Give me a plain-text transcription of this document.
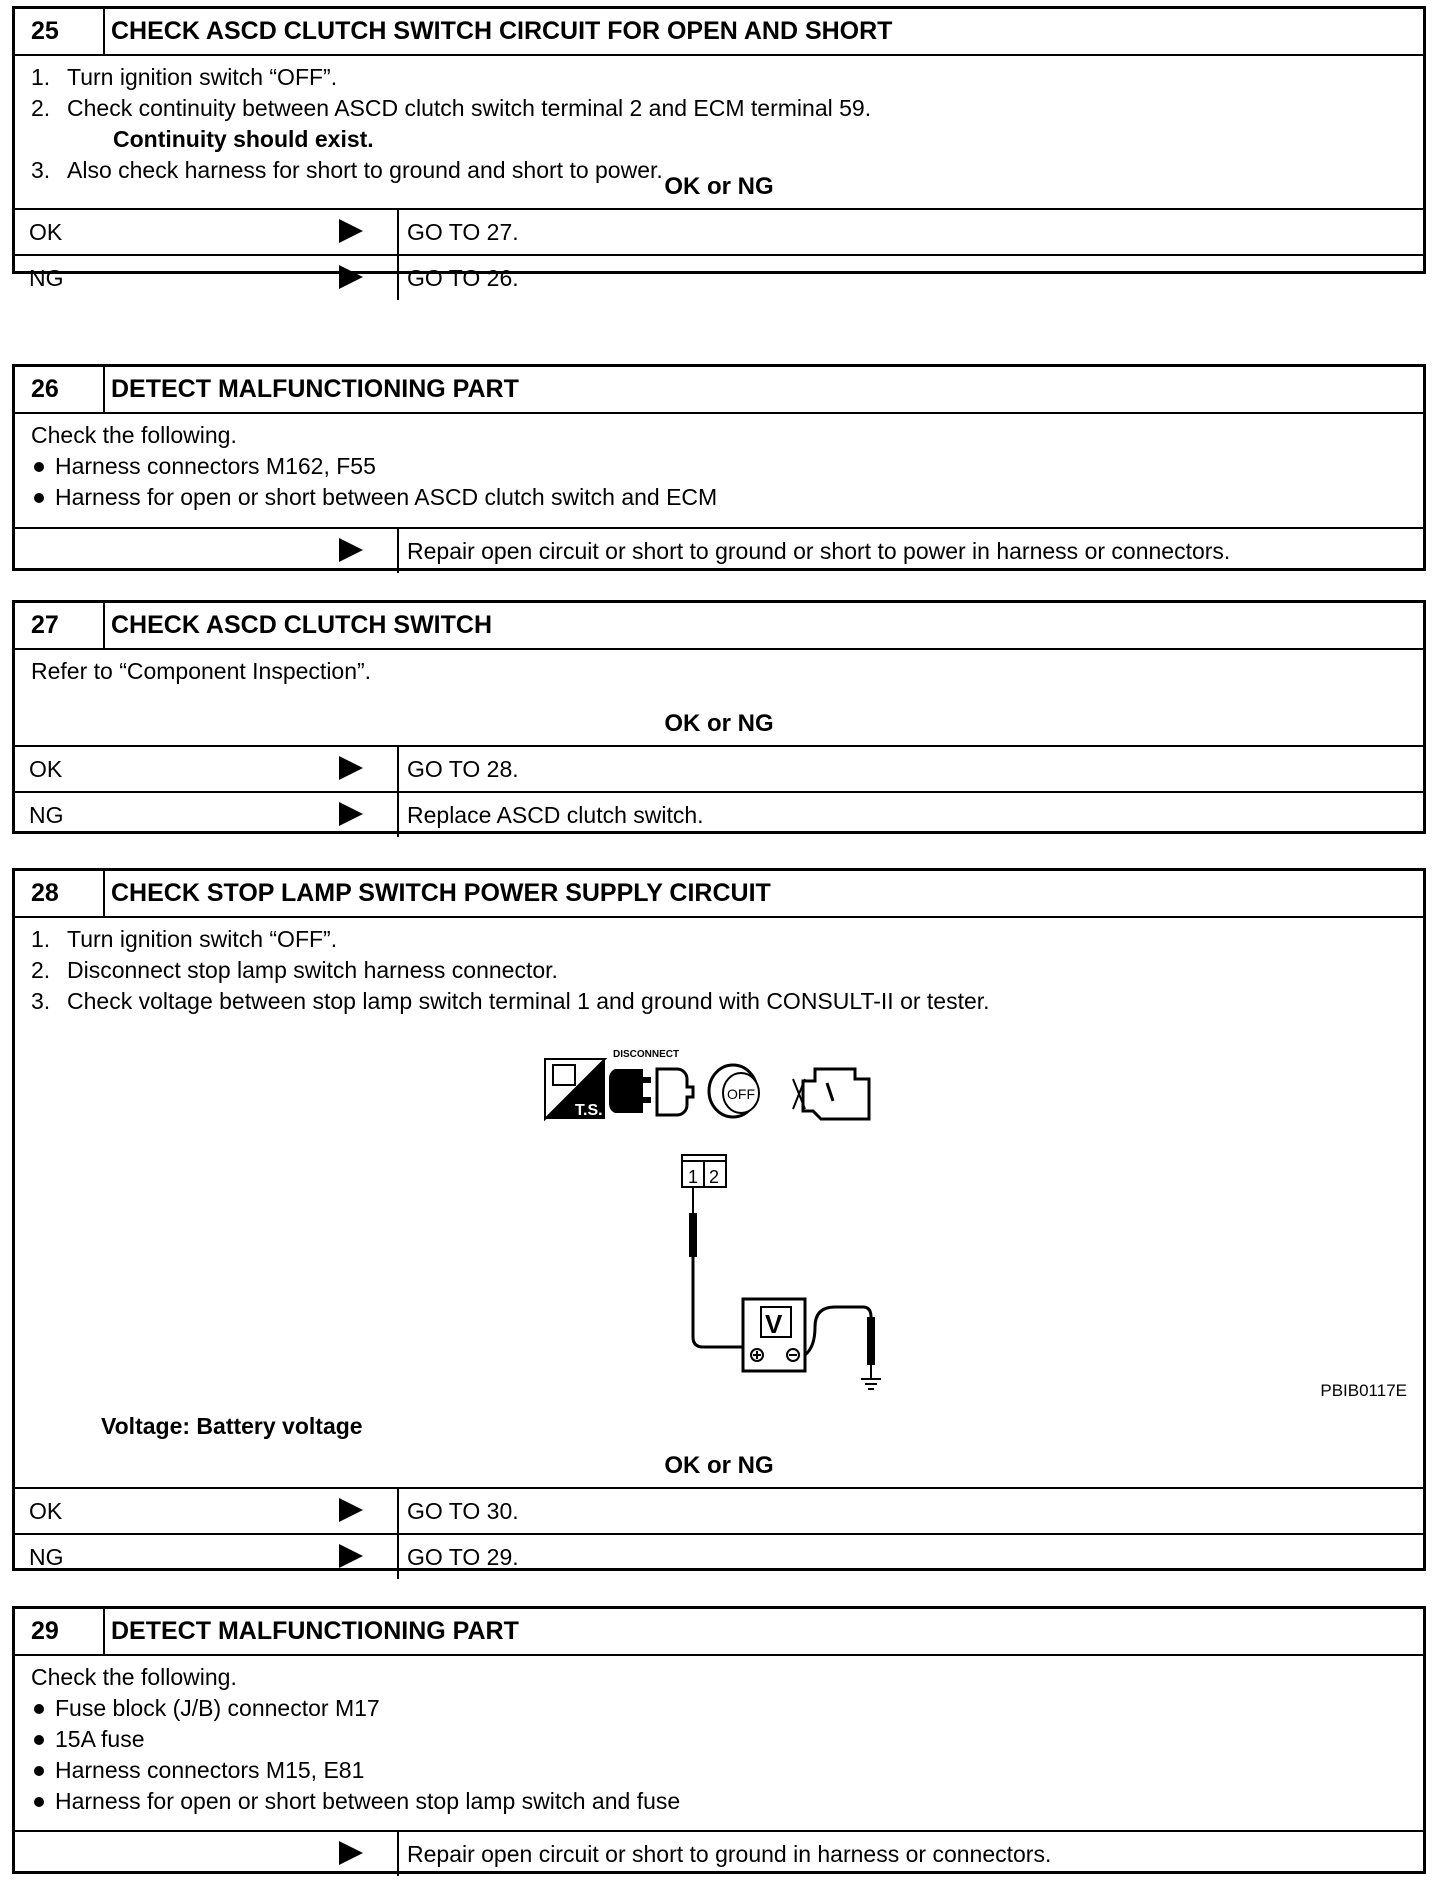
25	CHECK ASCD CLUTCH SWITCH CIRCUIT FOR OPEN AND SHORT
1. Turn ignition switch “OFF”.
2. Check continuity between ASCD clutch switch terminal 2 and ECM terminal 59.

Continuity should exist.

3. Also check harness for short to ground and short to power.
OK or NG
OK	GO TO 27.
NG	GO TO 26.
26	DETECT MALFUNCTIONING PART

Check the following.

Harness connectors M162, F55
Harness for open or short between ASCD clutch switch and ECM
Repair open circuit or short to ground or short to power in harness or connectors.
27	CHECK ASCD CLUTCH SWITCH

Refer to “Component Inspection”.

OK or NG
OK	GO TO 28.
NG	Replace ASCD clutch switch.
28	CHECK STOP LAMP SWITCH POWER SUPPLY CIRCUIT
1. Turn ignition switch “OFF”.
2. Disconnect stop lamp switch harness connector.
3. Check voltage between stop lamp switch terminal 1 and ground with CONSULT-II or tester.
T.S.
DISCONNECT
OFF
1 2
V
PBIB0117E
Voltage: Battery voltage
OK or NG
OK	GO TO 30.
NG	GO TO 29.
29	DETECT MALFUNCTIONING PART

Check the following.

Fuse block (J/B) connector M17
15A fuse
Harness connectors M15, E81
Harness for open or short between stop lamp switch and fuse
Repair open circuit or short to ground in harness or connectors.
